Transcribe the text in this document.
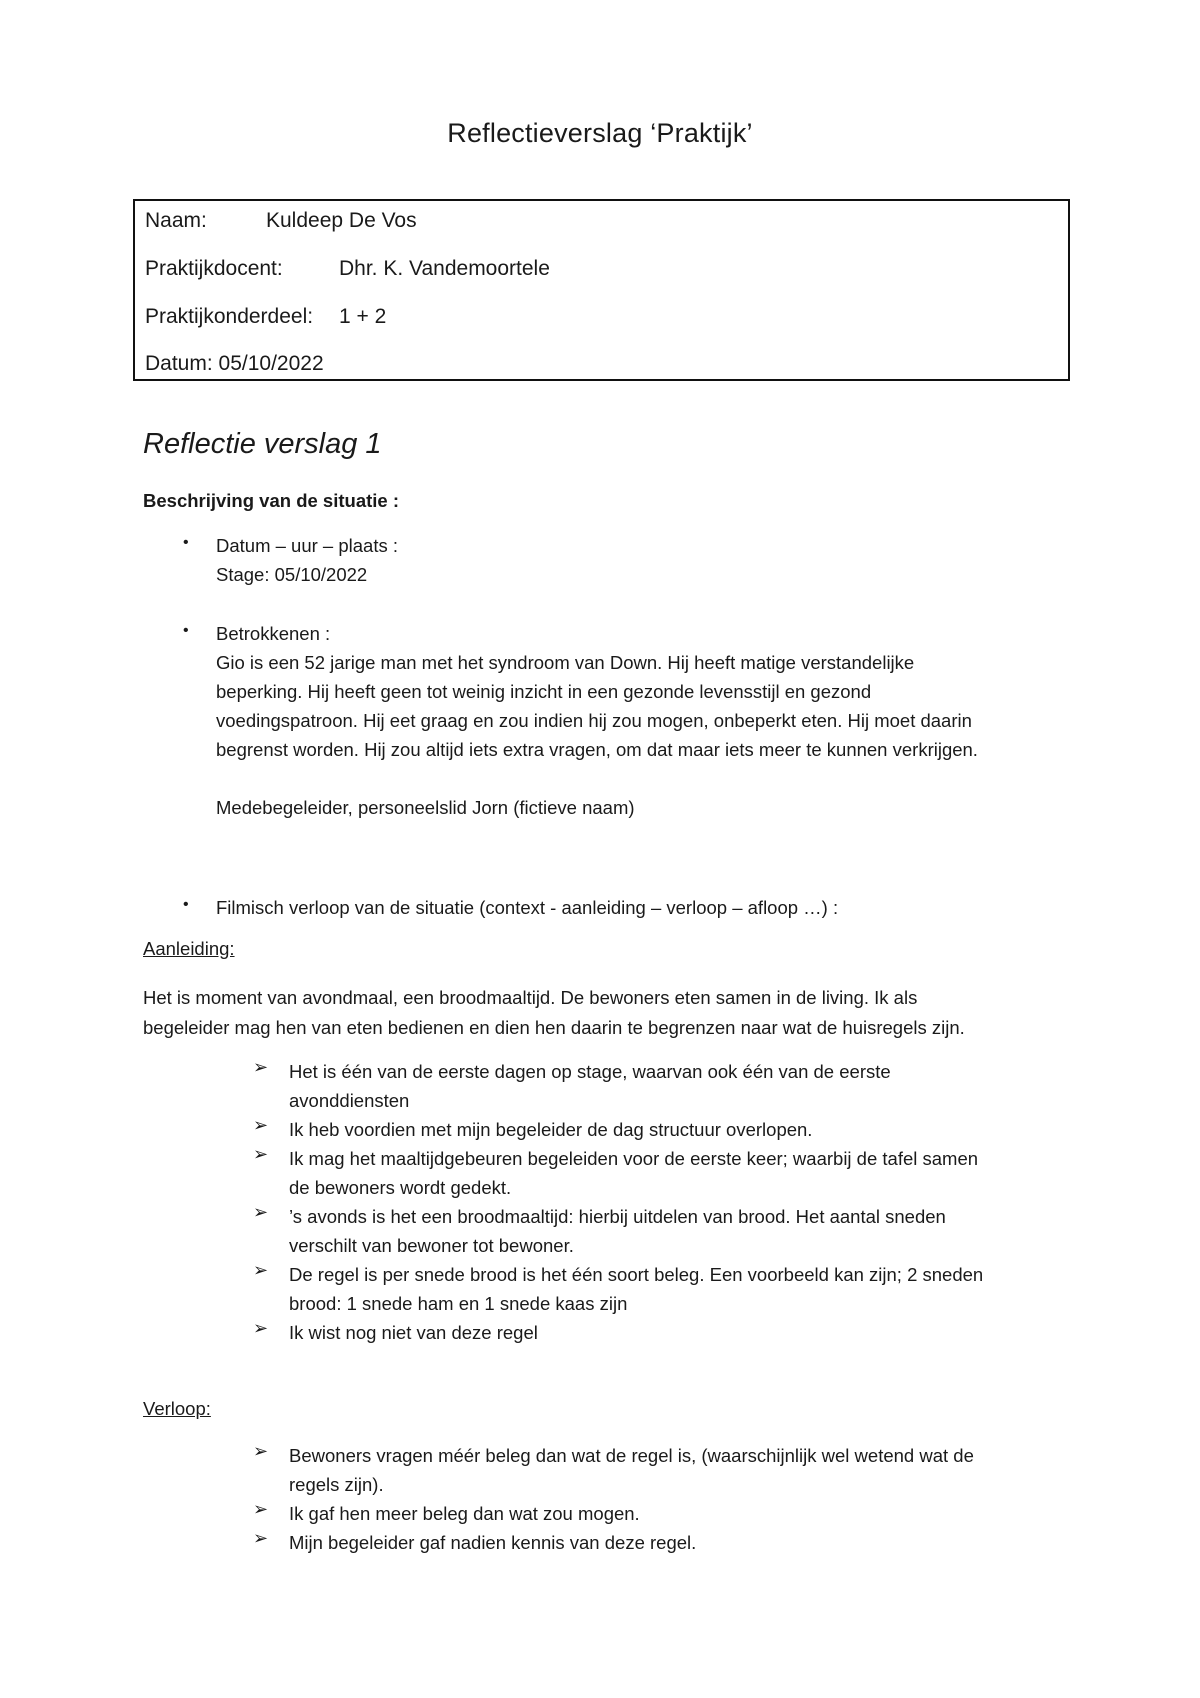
Reflectieverslag ‘Praktijk’
Naam:	Kuldeep De Vos
Praktijkdocent:	Dhr. K. Vandemoortele
Praktijkonderdeel: 1 + 2
Datum: 05/10/2022
Reflectie verslag 1
Beschrijving van de situatie :
• Datum – uur – plaats :
Stage: 05/10/2022
• Betrokkenen :
Gio is een 52 jarige man met het syndroom van Down. Hij heeft matige verstandelijke
beperking. Hij heeft geen tot weinig inzicht in een gezonde levensstijl en gezond
voedingspatroon. Hij eet graag en zou indien hij zou mogen, onbeperkt eten. Hij moet daarin
begrenst worden. Hij zou altijd iets extra vragen, om dat maar iets meer te kunnen verkrijgen.
Medebegeleider, personeelslid Jorn (fictieve naam)
• Filmisch verloop van de situatie (context - aanleiding – verloop – afloop …) :
Aanleiding:
Het is moment van avondmaal, een broodmaaltijd. De bewoners eten samen in de living. Ik als
begeleider mag hen van eten bedienen en dien hen daarin te begrenzen naar wat de huisregels zijn.
➢ Het is één van de eerste dagen op stage, waarvan ook één van de eerste
avonddiensten
➢ Ik heb voordien met mijn begeleider de dag structuur overlopen.
➢ Ik mag het maaltijdgebeuren begeleiden voor de eerste keer; waarbij de tafel samen
de bewoners wordt gedekt.
➢ ’s avonds is het een broodmaaltijd: hierbij uitdelen van brood. Het aantal sneden
verschilt van bewoner tot bewoner.
➢ De regel is per snede brood is het één soort beleg. Een voorbeeld kan zijn; 2 sneden
brood: 1 snede ham en 1 snede kaas zijn
➢ Ik wist nog niet van deze regel
Verloop:
➢ Bewoners vragen méér beleg dan wat de regel is, (waarschijnlijk wel wetend wat de
regels zijn).
➢ Ik gaf hen meer beleg dan wat zou mogen.
➢ Mijn begeleider gaf nadien kennis van deze regel.
